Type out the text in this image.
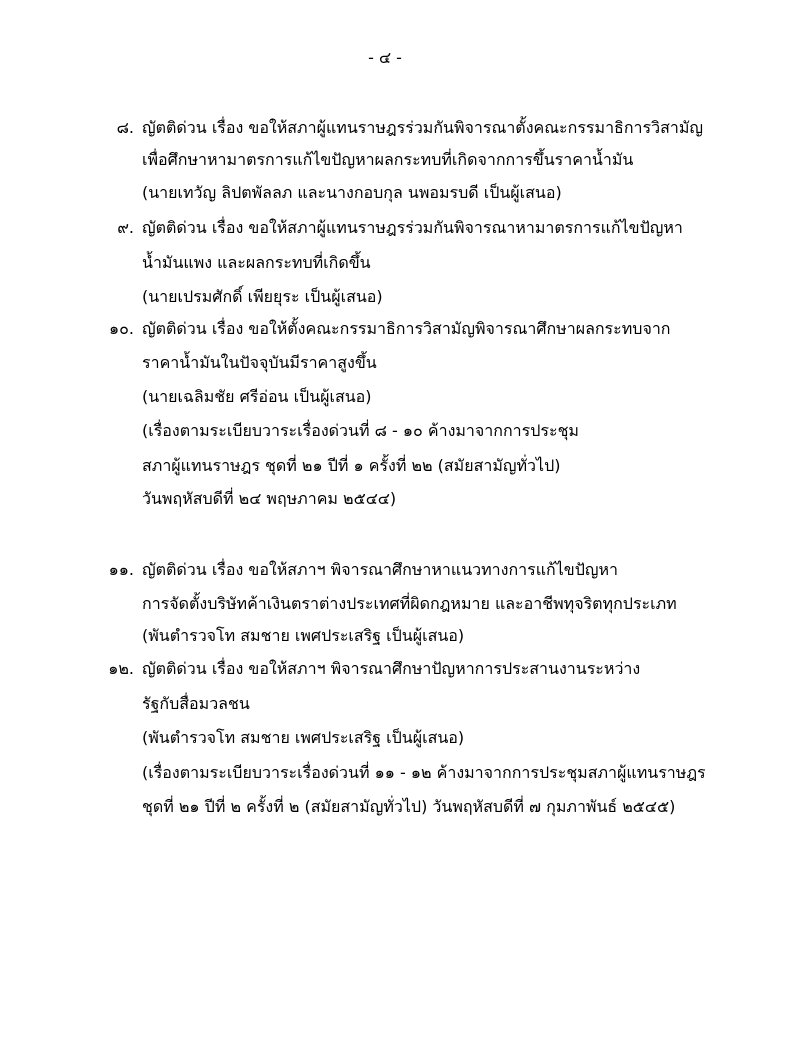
- ๔ -
๘. ญัตติด่วน เรื่อง ขอให้สภาผู้แทนราษฎรร่วมกันพิจารณาตั้งคณะกรรมาธิการวิสามัญ
เพื่อศึกษาหามาตรการแก้ไขปัญหาผลกระทบที่เกิดจากการขึ้นราคาน้ำมัน
(นายเทวัญ ลิปตพัลลภ และนางกอบกุล นพอมรบดี เป็นผู้เสนอ)
๙. ญัตติด่วน เรื่อง ขอให้สภาผู้แทนราษฎรร่วมกันพิจารณาหามาตรการแก้ไขปัญหา
น้ำมันแพง และผลกระทบที่เกิดขึ้น
(นายเปรมศักดิ์ เพียยุระ เป็นผู้เสนอ)
๑๐. ญัตติด่วน เรื่อง ขอให้ตั้งคณะกรรมาธิการวิสามัญพิจารณาศึกษาผลกระทบจาก
ราคาน้ำมันในปัจจุบันมีราคาสูงขึ้น
(นายเฉลิมชัย ศรีอ่อน เป็นผู้เสนอ)
(เรื่องตามระเบียบวาระเรื่องด่วนที่ ๘ - ๑๐ ค้างมาจากการประชุม
สภาผู้แทนราษฎร ชุดที่ ๒๑ ปีที่ ๑ ครั้งที่ ๒๒ (สมัยสามัญทั่วไป)
วันพฤหัสบดีที่ ๒๔ พฤษภาคม ๒๕๔๔)
๑๑. ญัตติด่วน เรื่อง ขอให้สภาฯ พิจารณาศึกษาหาแนวทางการแก้ไขปัญหา
การจัดตั้งบริษัทค้าเงินตราต่างประเทศที่ผิดกฎหมาย และอาชีพทุจริตทุกประเภท
(พันตำรวจโท สมชาย เพศประเสริฐ เป็นผู้เสนอ)
๑๒. ญัตติด่วน เรื่อง ขอให้สภาฯ พิจารณาศึกษาปัญหาการประสานงานระหว่าง
รัฐกับสื่อมวลชน
(พันตำรวจโท สมชาย เพศประเสริฐ เป็นผู้เสนอ)
(เรื่องตามระเบียบวาระเรื่องด่วนที่ ๑๑ - ๑๒ ค้างมาจากการประชุมสภาผู้แทนราษฎร
ชุดที่ ๒๑ ปีที่ ๒ ครั้งที่ ๒ (สมัยสามัญทั่วไป) วันพฤหัสบดีที่ ๗ กุมภาพันธ์ ๒๕๔๕)
